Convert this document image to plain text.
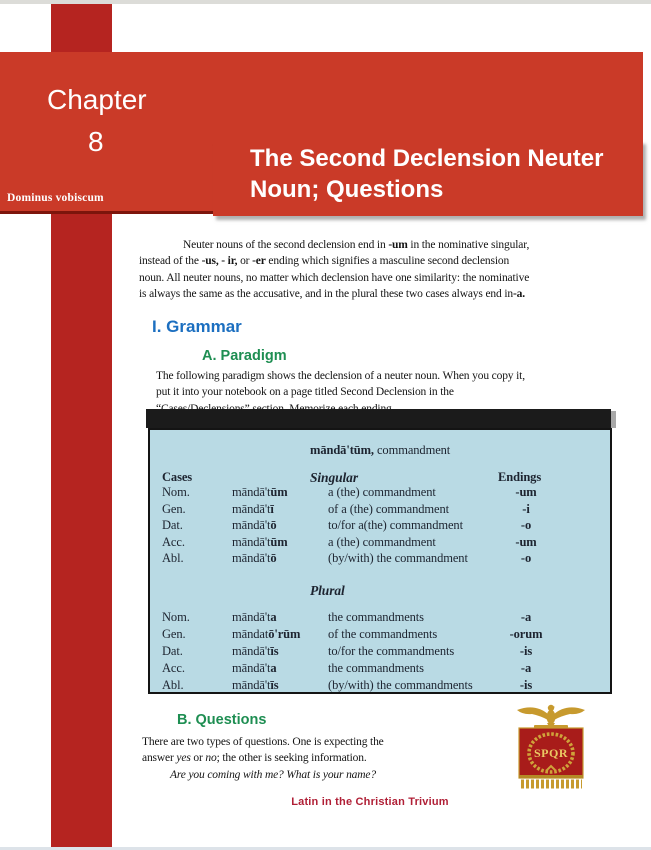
Chapter
8
Dominus vobiscum
The Second Declension Neuter
Noun; Questions
Neuter nouns of the second declension end in -um in the nominative singular,
instead of the -us, - ir, or -er ending which signifies a masculine second declension
noun. All neuter nouns, no matter which declension have one similarity: the nominative
is always the same as the accusative, and in the plural these two cases always end in-a.
I. Grammar
A. Paradigm
The following paradigm shows the declension of a neuter noun. When you copy it,
put it into your notebook on a page titled Second Declension in the
māndā'tūm, commandment
Cases	Singular	Endings
Nom.	māndā'tūm	a (the) commandment	-um
Gen.	māndā'tī	of a (the) commandment	-i
Dat.	māndā'tō	to/for a(the) commandment	-o
Acc.	māndā'tūm	a (the) commandment	-um
Abl.	māndā'tō	(by/with) the commandment	-o
Plural
Nom.	māndā'ta	the commandments	-a
Gen.	māndatō'rūm of the commandments	-orum
Dat.	māndā'tīs	to/for the commandments	-is
Acc.	māndā'ta	the commandments	-a
Abl.	māndā'tīs	(by/with) the commandments	-is
B. Questions
There are two types of questions. One is expecting the
answer yes or no; the other is seeking information.
Are you coming with me? What is your name?
SPQR
Latin in the Christian Trivium
